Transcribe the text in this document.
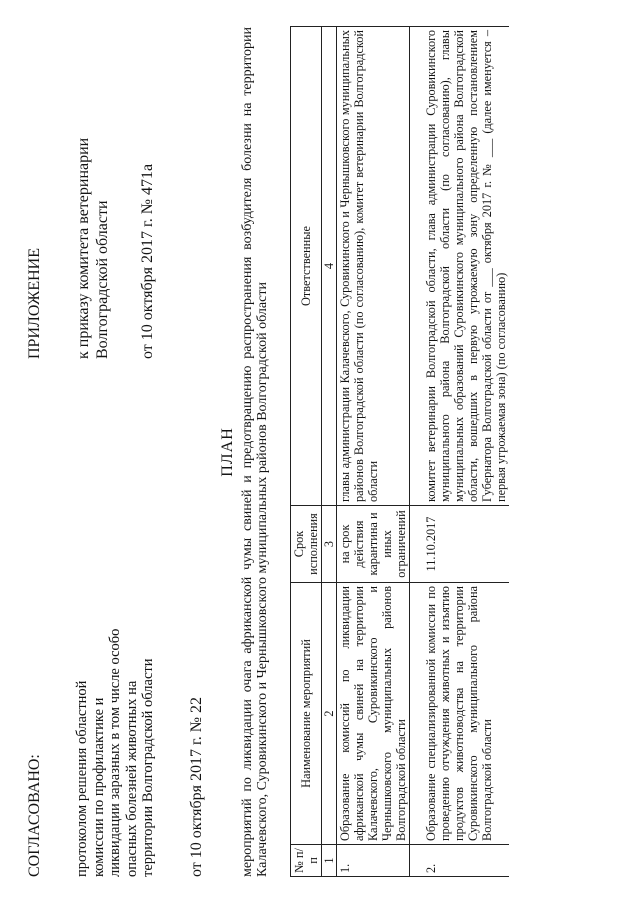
СОГЛАСОВАНО: протоколом решения областной комиссии по профилактике и ликвидации заразных в том числе особо опасных болезней животных на территории Волгоградской области от 10 октября 2017 г. № 22
ПРИЛОЖЕНИЕ к приказу комитета ветеринарии Волгоградской области от 10 октября 2017 г. № 471а
ПЛАН мероприятий по ликвидации очага африканской чумы свиней и предотвращению распространения возбудителя болезни на территории Калачевского, Суровикинского и Чернышковского муниципальных районов Волгоградской области № п/п	Наименование мероприятий	Срок исполнения	Ответственные
1	2	3	4
1.	Образование комиссий по ликвидации африканской чумы свиней на территории Калачевского, Суровикинского и Чернышковского муниципальных районов Волгоградской области	на срок действия карантина и иных ограничений	главы администрации Калачевского, Суровикинского и Чернышковского муниципальных районов Волгоградской области (по согласованию), комитет ветеринарии Волгоградской области
2.	Образование специализированной комиссии по проведению отчуждения животных и изъятию продуктов животноводства на территории Суровикинского муниципального района Волгоградской области	11.10.2017	комитет ветеринарии Волгоградской области, глава администрации Суровикинского муниципального района Волгоградской области (по согласованию), главы муниципальных образований Суровикинского муниципального района Волгоградской области, вошедших в первую угрожаемую зону определенную постановлением Губернатора Волгоградской области от ___ октября 2017 г. № ___ (далее именуется – первая угрожаемая зона) (по согласованию)
